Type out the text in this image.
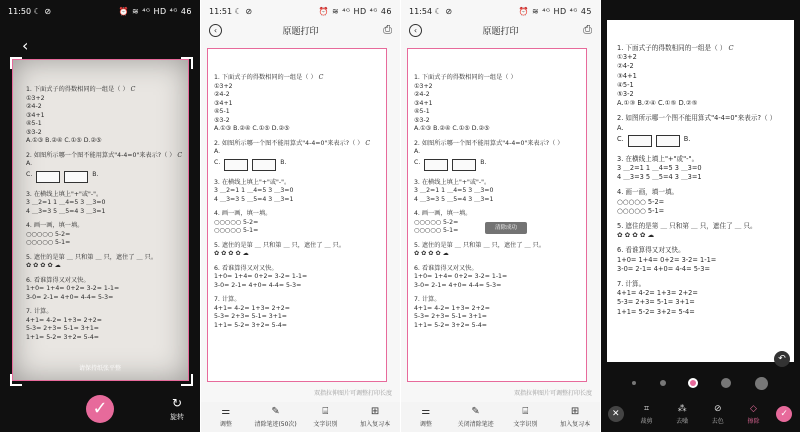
11:50 ☾ ⊘	⏰ ≋ ⁴ᴳ HD ⁴ᴳ 46
‹
1. 下面式子的得数相同的一组是（ ） C
①3+2
②4-2
③4+1
④5-1
⑤3-2
A.①③ B.②④ C.①⑤ D.②⑤
2. 如图所示哪一个图不能用算式"4-4=0"来表示?（ ） C
A.
C.	B.
3. 在横线上填上"+"或"-"。
3 ＿2=1 1 ＿4=5 3 ＿3=0
4 ＿3=3 5 ＿5=4 3 ＿3=1
4. 画一画，填一填。
○○○○○ 5-2=
○○○○○ 5-1=
5. 遮住的是第 ＿ 只和第 ＿ 只，遮住了 ＿ 只。
✿ ✿ ✿ ✿ ☁
6. 看谁算得又对又快。
1+0= 1+4= 0+2= 3-2= 1-1=
3-0= 2-1= 4+0= 4-4= 5-3=
7. 计算。
4+1= 4-2= 1+3= 2+2=
5-3= 2+3= 5-1= 3+1=
1+1= 5-2= 3+2= 5-4=
请保持纸张平整
✓	↻
旋转
11:51 ☾ ⊘	⏰ ≋ ⁴ᴳ HD ⁴ᴳ 46
‹	原题打印	⎙
1. 下面式子的得数相同的一组是（ ） C
①3+2
②4-2
③4+1
④5-1
⑤3-2
A.①③ B.②④ C.①⑤ D.②⑤
2. 如图所示哪一个图不能用算式"4-4=0"来表示?（ ） C
A.
C.	B.
3. 在横线上填上"+"或"-"。
3 ＿2=1 1 ＿4=5 3 ＿3=0
4 ＿3=3 5 ＿5=4 3 ＿3=1
4. 画一画，填一填。
○○○○○ 5-2=
○○○○○ 5-1=
5. 遮住的是第 ＿ 只和第 ＿ 只，遮住了 ＿ 只。
✿ ✿ ✿ ✿ ☁
6. 看谁算得又对又快。
1+0= 1+4= 0+2= 3-2= 1-1=
3-0= 2-1= 4+0= 4-4= 5-3=
7. 计算。
4+1= 4-2= 1+3= 2+2=
5-3= 2+3= 5-1= 3+1=
1+1= 5-2= 3+2= 5-4=
双指拉伸图片可调整打印长度
⚌
调整
✎
清除笔迹(50次)
⌸
文字识别
⊞
加入复习本
11:54 ☾ ⊘	⏰ ≋ ⁴ᴳ HD ⁴ᴳ 45
‹	原题打印	⎙
1. 下面式子的得数相同的一组是（ ）
①3+2
②4-2
③4+1
④5-1
⑤3-2
A.①③ B.②④ C.①⑤ D.②⑤
2. 如图所示哪一个图不能用算式"4-4=0"来表示?（ ）
A.
C.	B.
3. 在横线上填上"+"或"-"。
3 ＿2=1 1 ＿4=5 3 ＿3=0
4 ＿3=3 5 ＿5=4 3 ＿3=1
4. 画一画，填一填。
○○○○○ 5-2=
○○○○○ 5-1=
5. 遮住的是第 ＿ 只和第 ＿ 只，遮住了 ＿ 只。
✿ ✿ ✿ ✿ ☁
6. 看谁算得又对又快。
1+0= 1+4= 0+2= 3-2= 1-1=
3-0= 2-1= 4+0= 4-4= 5-3=
7. 计算。
4+1= 4-2= 1+3= 2+2=
5-3= 2+3= 5-1= 3+1=
1+1= 5-2= 3+2= 5-4=
清除成功
双指拉伸图片可调整打印长度
⚌
调整
✎
关闭清除笔迹
⌸
文字识别
⊞
加入复习本
1. 下面式子的得数相同的一组是（ ） C
①3+2
②4-2
③4+1
④5-1
⑤3-2
A.①③ B.②④ C.①⑤ D.②⑤
2. 如图所示哪一个图不能用算式"4-4=0"来表示?（ ）
A.
C.	B.
3. 在横线上填上"+"或"-"。
3 ＿2=1 1 ＿4=5 3 ＿3=0
4 ＿3=3 5 ＿5=4 3 ＿3=1
4. 画一画，填一填。
○○○○○ 5-2=
○○○○○ 5-1=
5. 遮住的是第 ＿ 只和第 ＿ 只，遮住了 ＿ 只。
✿ ✿ ✿ ✿ ☁
6. 看谁算得又对又快。
1+0= 1+4= 0+2= 3-2= 1-1=
3-0= 2-1= 4+0= 4-4= 5-3=
7. 计算。
4+1= 4-2= 1+3= 2+2=
5-3= 2+3= 5-1= 3+1=
1+1= 5-2= 3+2= 5-4=
↶
✕
⌗
裁剪
⁂
去噪
⊘
去色
◇
擦除
✓
